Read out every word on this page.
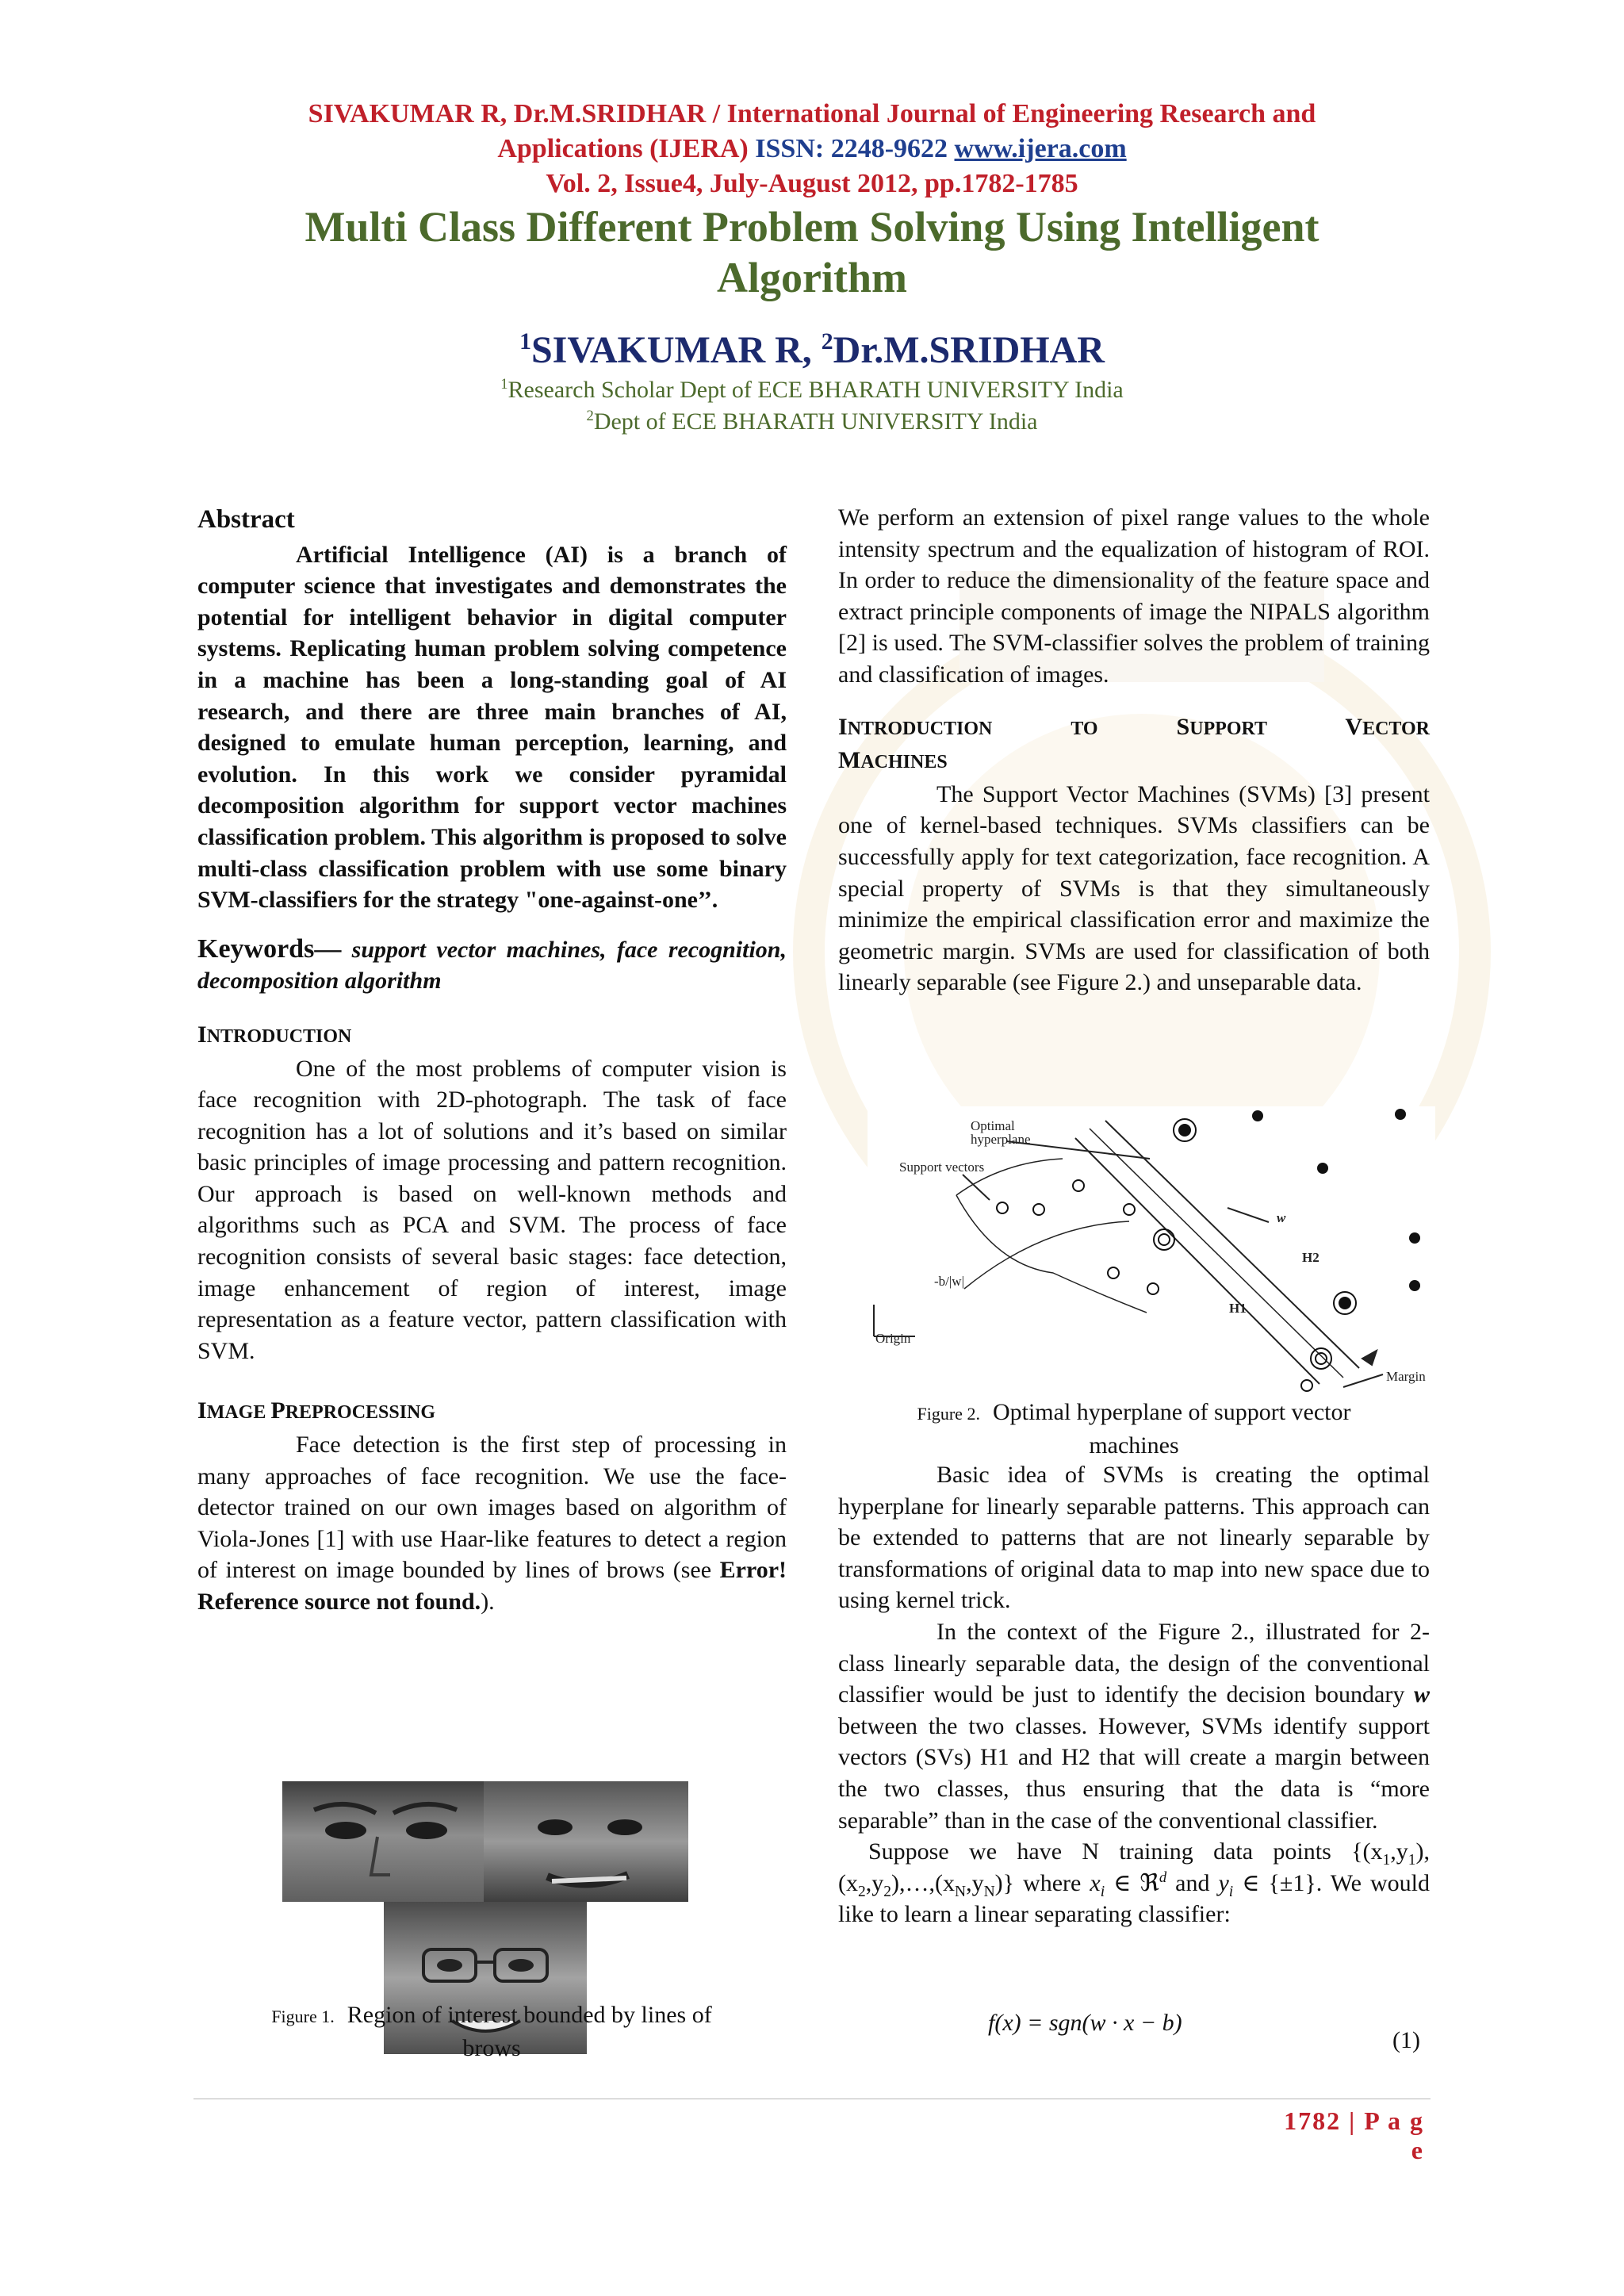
SIVAKUMAR R, Dr.M.SRIDHAR / International Journal of Engineering Research and
Applications (IJERA) ISSN: 2248-9622 www.ijera.com
Vol. 2, Issue4, July-August 2012, pp.1782-1785
Multi Class Different Problem Solving Using Intelligent
Algorithm
$^1$SIVAKUMAR R, $^2$Dr.M.SRIDHAR
$^1$Research Scholar Dept of ECE BHARATH UNIVERSITY India
$^2$Dept of ECE BHARATH UNIVERSITY India
Abstract

Artificial Intelligence (AI) is a branch of computer science that investigates and demonstrates the potential for intelligent behavior in digital computer systems. Replicating human problem solving competence in a machine has been a long-standing goal of AI research, and there are three main branches of AI, designed to emulate human perception, learning, and evolution. In this work we consider pyramidal decomposition algorithm for support vector machines classification problem. This algorithm is proposed to solve multi-class classification problem with use some binary SVM-classifiers for the strategy "one-against-one’’.

Keywords— support vector machines, face recognition, decomposition algorithm

INTRODUCTION

One of the most problems of computer vision is face recognition with 2D-photograph. The task of face recognition has a lot of solutions and it’s based on similar basic principles of image processing and pattern recognition. Our approach is based on well-known methods and algorithms such as PCA and SVM. The process of face recognition consists of several basic stages: face detection, image enhancement of region of interest, image representation as a feature vector, pattern classification with SVM.

IMAGE PREPROCESSING

Face detection is the first step of processing in many approaches of face recognition. We use the face-detector trained on our own images based on algorithm of Viola-Jones [1] with use Haar-like features to detect a region of interest on image bounded by lines of brows (see Error! Reference source not found.).

Figure 1. Region of interest bounded by lines of
brows

We perform an extension of pixel range values to the whole intensity spectrum and the equalization of histogram of ROI. In order to reduce the dimensionality of the feature space and extract principle components of image the NIPALS algorithm [2] is used. The SVM-classifier solves the problem of training and classification of images.

INTRODUCTION	TO	SUPPORT	VECTOR
MACHINES

The Support Vector Machines (SVMs) [3] present one of kernel-based techniques. SVMs classifiers can be successfully apply for text categorization, face recognition. A special property of SVMs is that they simultaneously minimize the empirical classification error and maximize the geometric margin. SVMs are used for classification of both linearly separable (see Figure 2.) and unseparable data.

Optimal
hyperplane
Support vectors
w
H2
H1
-b/|w|
Origin
Margin
Figure 2. Optimal hyperplane of support vector
machines

Basic idea of SVMs is creating the optimal hyperplane for linearly separable patterns. This approach can be extended to patterns that are not linearly separable by transformations of original data to map into new space due to using kernel trick.

In the context of the Figure 2., illustrated for 2-class linearly separable data, the design of the conventional classifier would be just to identify the decision boundary w between the two classes. However, SVMs identify support vectors (SVs) H1 and H2 that will create a margin between the two classes, thus ensuring that the data is “more separable” than in the case of the conventional classifier.

Suppose we have N training data points {$(x_1,y_1)$, $(x_2,y_2),\dots,(x_N,y_N)$} where $x_i$ ∈ ℜ$^d$ and $y_i$ ∈ {±1}. We would like to learn a linear separating classifier:

f(x) = sgn(w · x − b)
(1)
1782 | P a g e
